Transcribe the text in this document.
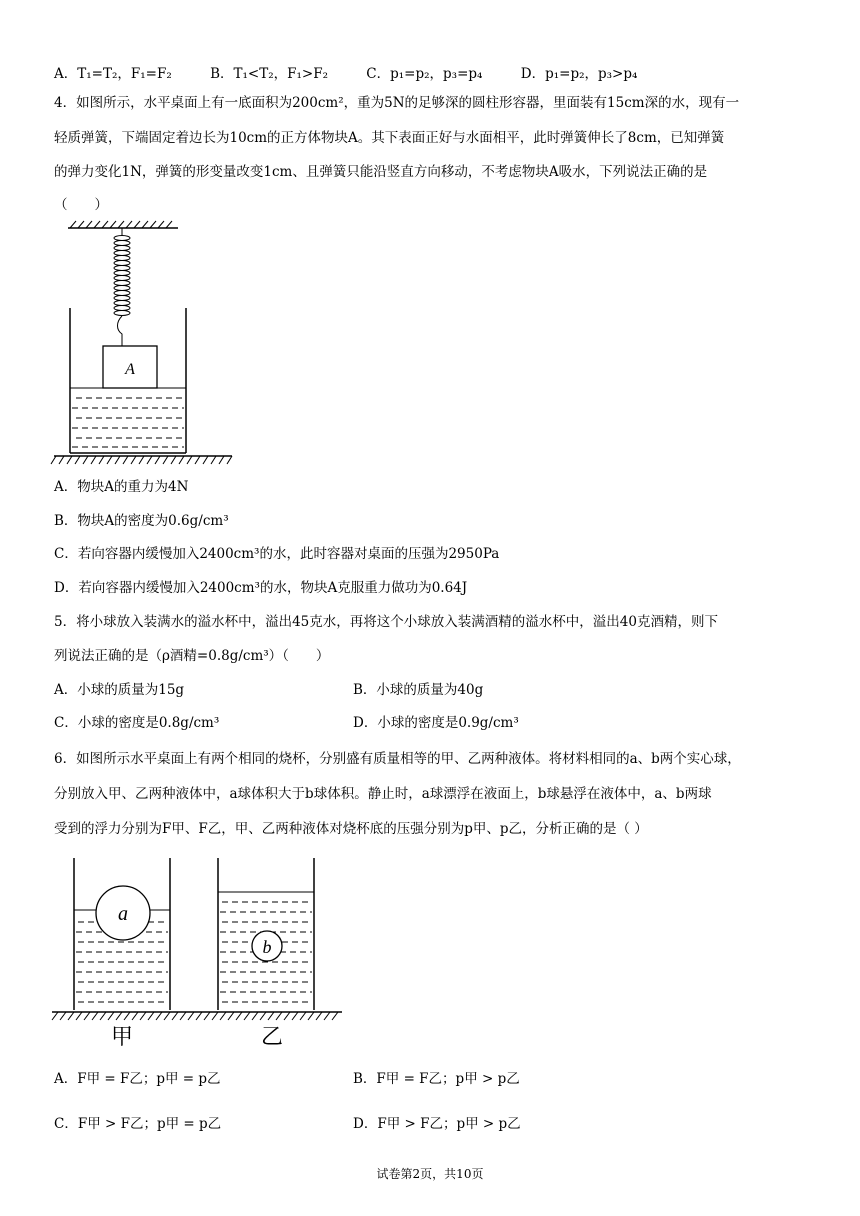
A．T₁=T₂，F₁=F₂	B．T₁<T₂，F₁>F₂	C．p₁=p₂，p₃=p₄	D．p₁=p₂，p₃>p₄
4．如图所示，水平桌面上有一底面积为200cm²，重为5N的足够深的圆柱形容器，里面装有15cm深的水，现有一
轻质弹簧，下端固定着边长为10cm的正方体物块A。其下表面正好与水面相平，此时弹簧伸长了8cm，已知弹簧
的弹力变化1N，弹簧的形变量改变1cm、且弹簧只能沿竖直方向移动，不考虑物块A吸水，下列说法正确的是
（　　）
A
A．物块A的重力为4N
B．物块A的密度为0.6g/cm³
C．若向容器内缓慢加入2400cm³的水，此时容器对桌面的压强为2950Pa
D．若向容器内缓慢加入2400cm³的水，物块A克服重力做功为0.64J
5．将小球放入装满水的溢水杯中，溢出45克水，再将这个小球放入装满酒精的溢水杯中，溢出40克酒精，则下
列说法正确的是（ρ酒精=0.8g/cm³）（　　）
A．小球的质量为15g	B．小球的质量为40g
C．小球的密度是0.8g/cm³	D．小球的密度是0.9g/cm³
6．如图所示水平桌面上有两个相同的烧杯，分别盛有质量相等的甲、乙两种液体。将材料相同的a、b两个实心球，
分别放入甲、乙两种液体中，a球体积大于b球体积。静止时，a球漂浮在液面上，b球悬浮在液体中，a、b两球
受到的浮力分别为F甲、F乙，甲、乙两种液体对烧杯底的压强分别为p甲、p乙，分析正确的是（ ）
a
b
甲	乙
A．F甲 = F乙；p甲 = p乙	B．F甲 = F乙；p甲 > p乙
C．F甲 > F乙；p甲 = p乙	D．F甲 > F乙；p甲 > p乙
试卷第2页，共10页
